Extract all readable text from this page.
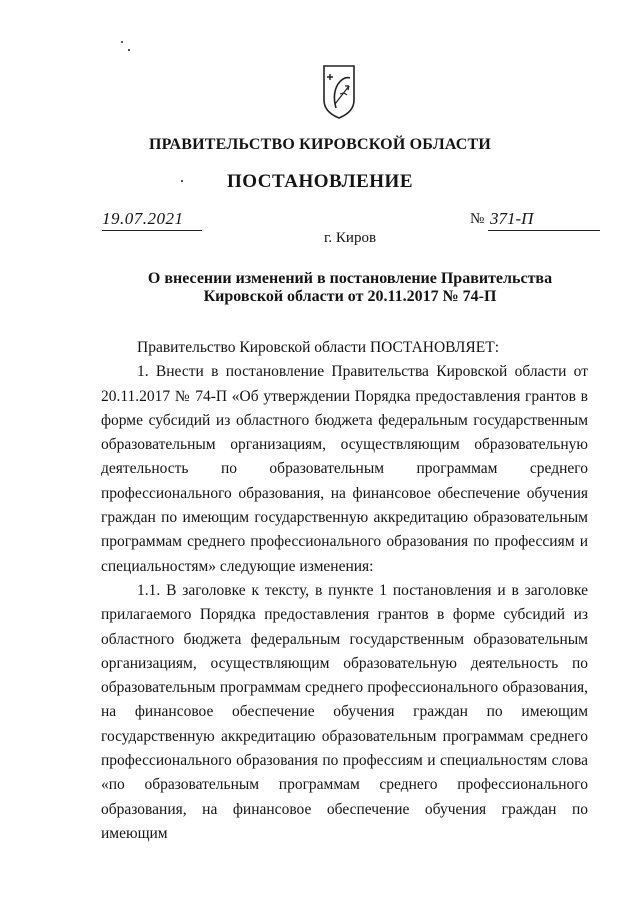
ПРАВИТЕЛЬСТВО КИРОВСКОЙ ОБЛАСТИ
ПОСТАНОВЛЕНИЕ
19.07.2021	№ 371-П
г. Киров
О внесении изменений в постановление Правительства
Кировской области от 20.11.2017 № 74-П

Правительство Кировской области ПОСТАНОВЛЯЕТ:

1. Внести в постановление Правительства Кировской области от 20.11.2017 № 74-П «Об утверждении Порядка предоставления грантов в форме субсидий из областного бюджета федеральным государственным образовательным организациям, осуществляющим образовательную деятельность по образовательным программам среднего профессионального образования, на финансовое обеспечение обучения граждан по имеющим государственную аккредитацию образовательным программам среднего профессионального образования по профессиям и специальностям» следующие изменения:

1.1. В заголовке к тексту, в пункте 1 постановления и в заголовке прилагаемого Порядка предоставления грантов в форме субсидий из областного бюджета федеральным государственным образовательным организациям, осуществляющим образовательную деятельность по образовательным программам среднего профессионального образования, на финансовое обеспечение обучения граждан по имеющим государственную аккредитацию образовательным программам среднего профессионального образования по профессиям и специальностям слова «по образовательным программам среднего профессионального образования, на финансовое обеспечение обучения граждан по имеющим
